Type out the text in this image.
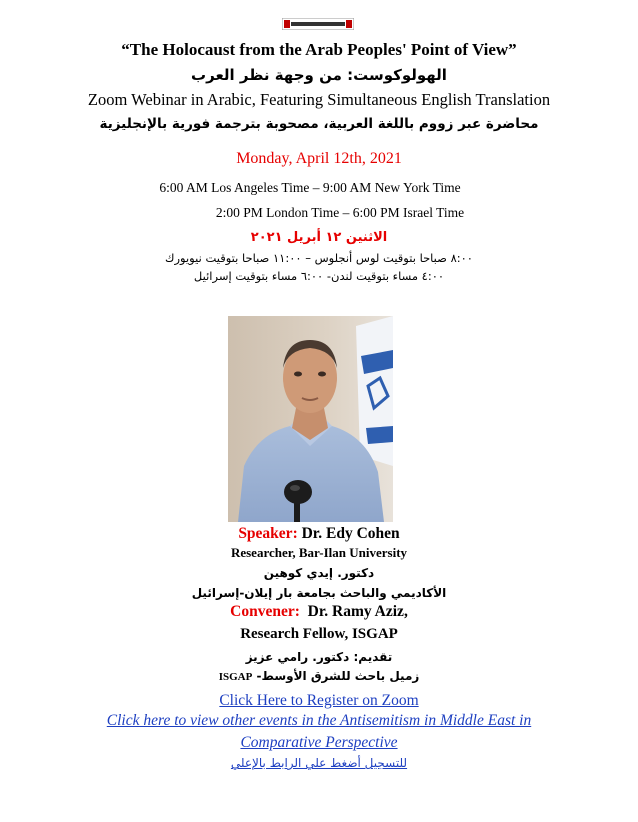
“The Holocaust from the Arab Peoples' Point of View”
الهولوكوست: من وجهة نظر العرب
Zoom Webinar in Arabic, Featuring Simultaneous English Translation
محاضرة عبر زووم باللغة العربية، مصحوبة بترجمة فورية بالإنجليزية
Monday, April 12th, 2021
6:00 AM Los Angeles Time – 9:00 AM New York Time
2:00 PM London Time – 6:00 PM Israel Time
الاثنين ١٢ أبريل ٢٠٢١
٨:٠٠ صباحا بتوقيت لوس أنجلوس – ١١:٠٠ صباحا بتوقيت نيويورك
٤:٠٠ مساء بتوقيت لندن- ٦:٠٠ مساء بتوقيت إسرائيل
Speaker: Dr. Edy Cohen
Researcher, Bar-Ilan University
دكتور. إيدي كوهين
الأكاديمي والباحث بجامعة بار إيلان-إسرائيل
Convener: Dr. Ramy Aziz,
Research Fellow, ISGAP
تقديم: دكتور. رامي عزيز
زميل باحث للشرق الأوسط- ISGAP
Click Here to Register on Zoom
Click here to view other events in the Antisemitism in Middle East in
Comparative Perspective
للتسجيل أضغط علي الرابط بالإعلي
